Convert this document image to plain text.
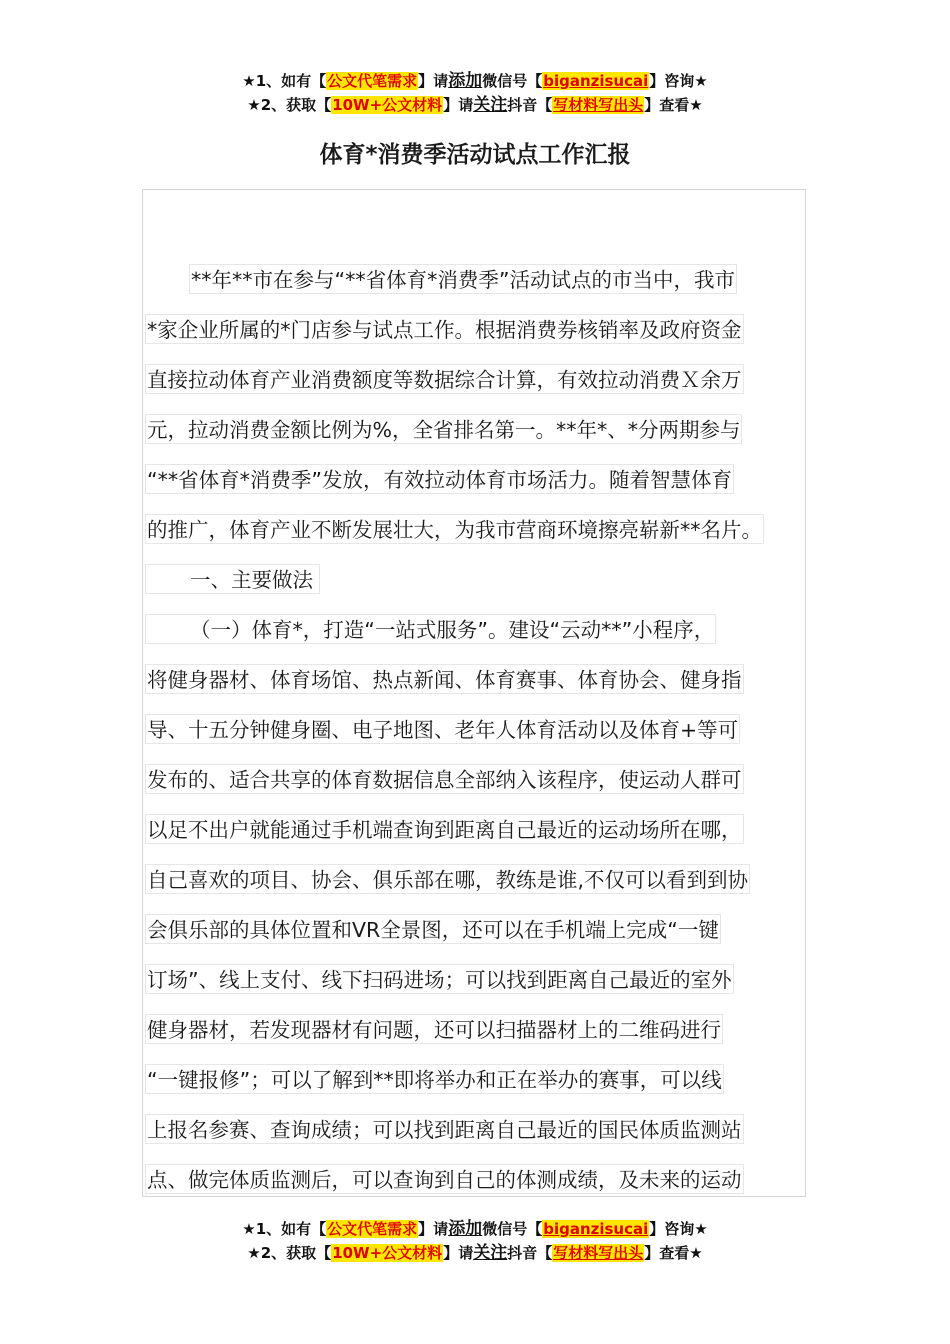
★1、如有【公文代笔需求】请添加微信号【biganzisucai】咨询★
★2、获取【10W+公文材料】请关注抖音【写材料写出头】查看★
体育*消费季活动试点工作汇报
**年**市在参与“**省体育*消费季”活动试点的市当中，我市
*家企业所属的*门店参与试点工作。根据消费券核销率及政府资金
直接拉动体育产业消费额度等数据综合计算，有效拉动消费Ｘ余万
元，拉动消费金额比例为%，全省排名第一。**年*、*分两期参与
“**省体育*消费季”发放，有效拉动体育市场活力。随着智慧体育
的推广，体育产业不断发展壮大，为我市营商环境擦亮崭新**名片。
一、主要做法
（一）体育*，打造“一站式服务”。建设“云动**”小程序，
将健身器材、体育场馆、热点新闻、体育赛事、体育协会、健身指
导、十五分钟健身圈、电子地图、老年人体育活动以及体育+等可
发布的、适合共享的体育数据信息全部纳入该程序，使运动人群可
以足不出户就能通过手机端查询到距离自己最近的运动场所在哪，
自己喜欢的项目、协会、俱乐部在哪，教练是谁,不仅可以看到到协
会俱乐部的具体位置和VR全景图，还可以在手机端上完成“一键
订场”、线上支付、线下扫码进场；可以找到距离自己最近的室外
健身器材，若发现器材有问题，还可以扫描器材上的二维码进行
“一键报修”；可以了解到**即将举办和正在举办的赛事，可以线
上报名参赛、查询成绩；可以找到距离自己最近的国民体质监测站
点、做完体质监测后，可以查询到自己的体测成绩，及未来的运动
★1、如有【公文代笔需求】请添加微信号【biganzisucai】咨询★
★2、获取【10W+公文材料】请关注抖音【写材料写出头】查看★
